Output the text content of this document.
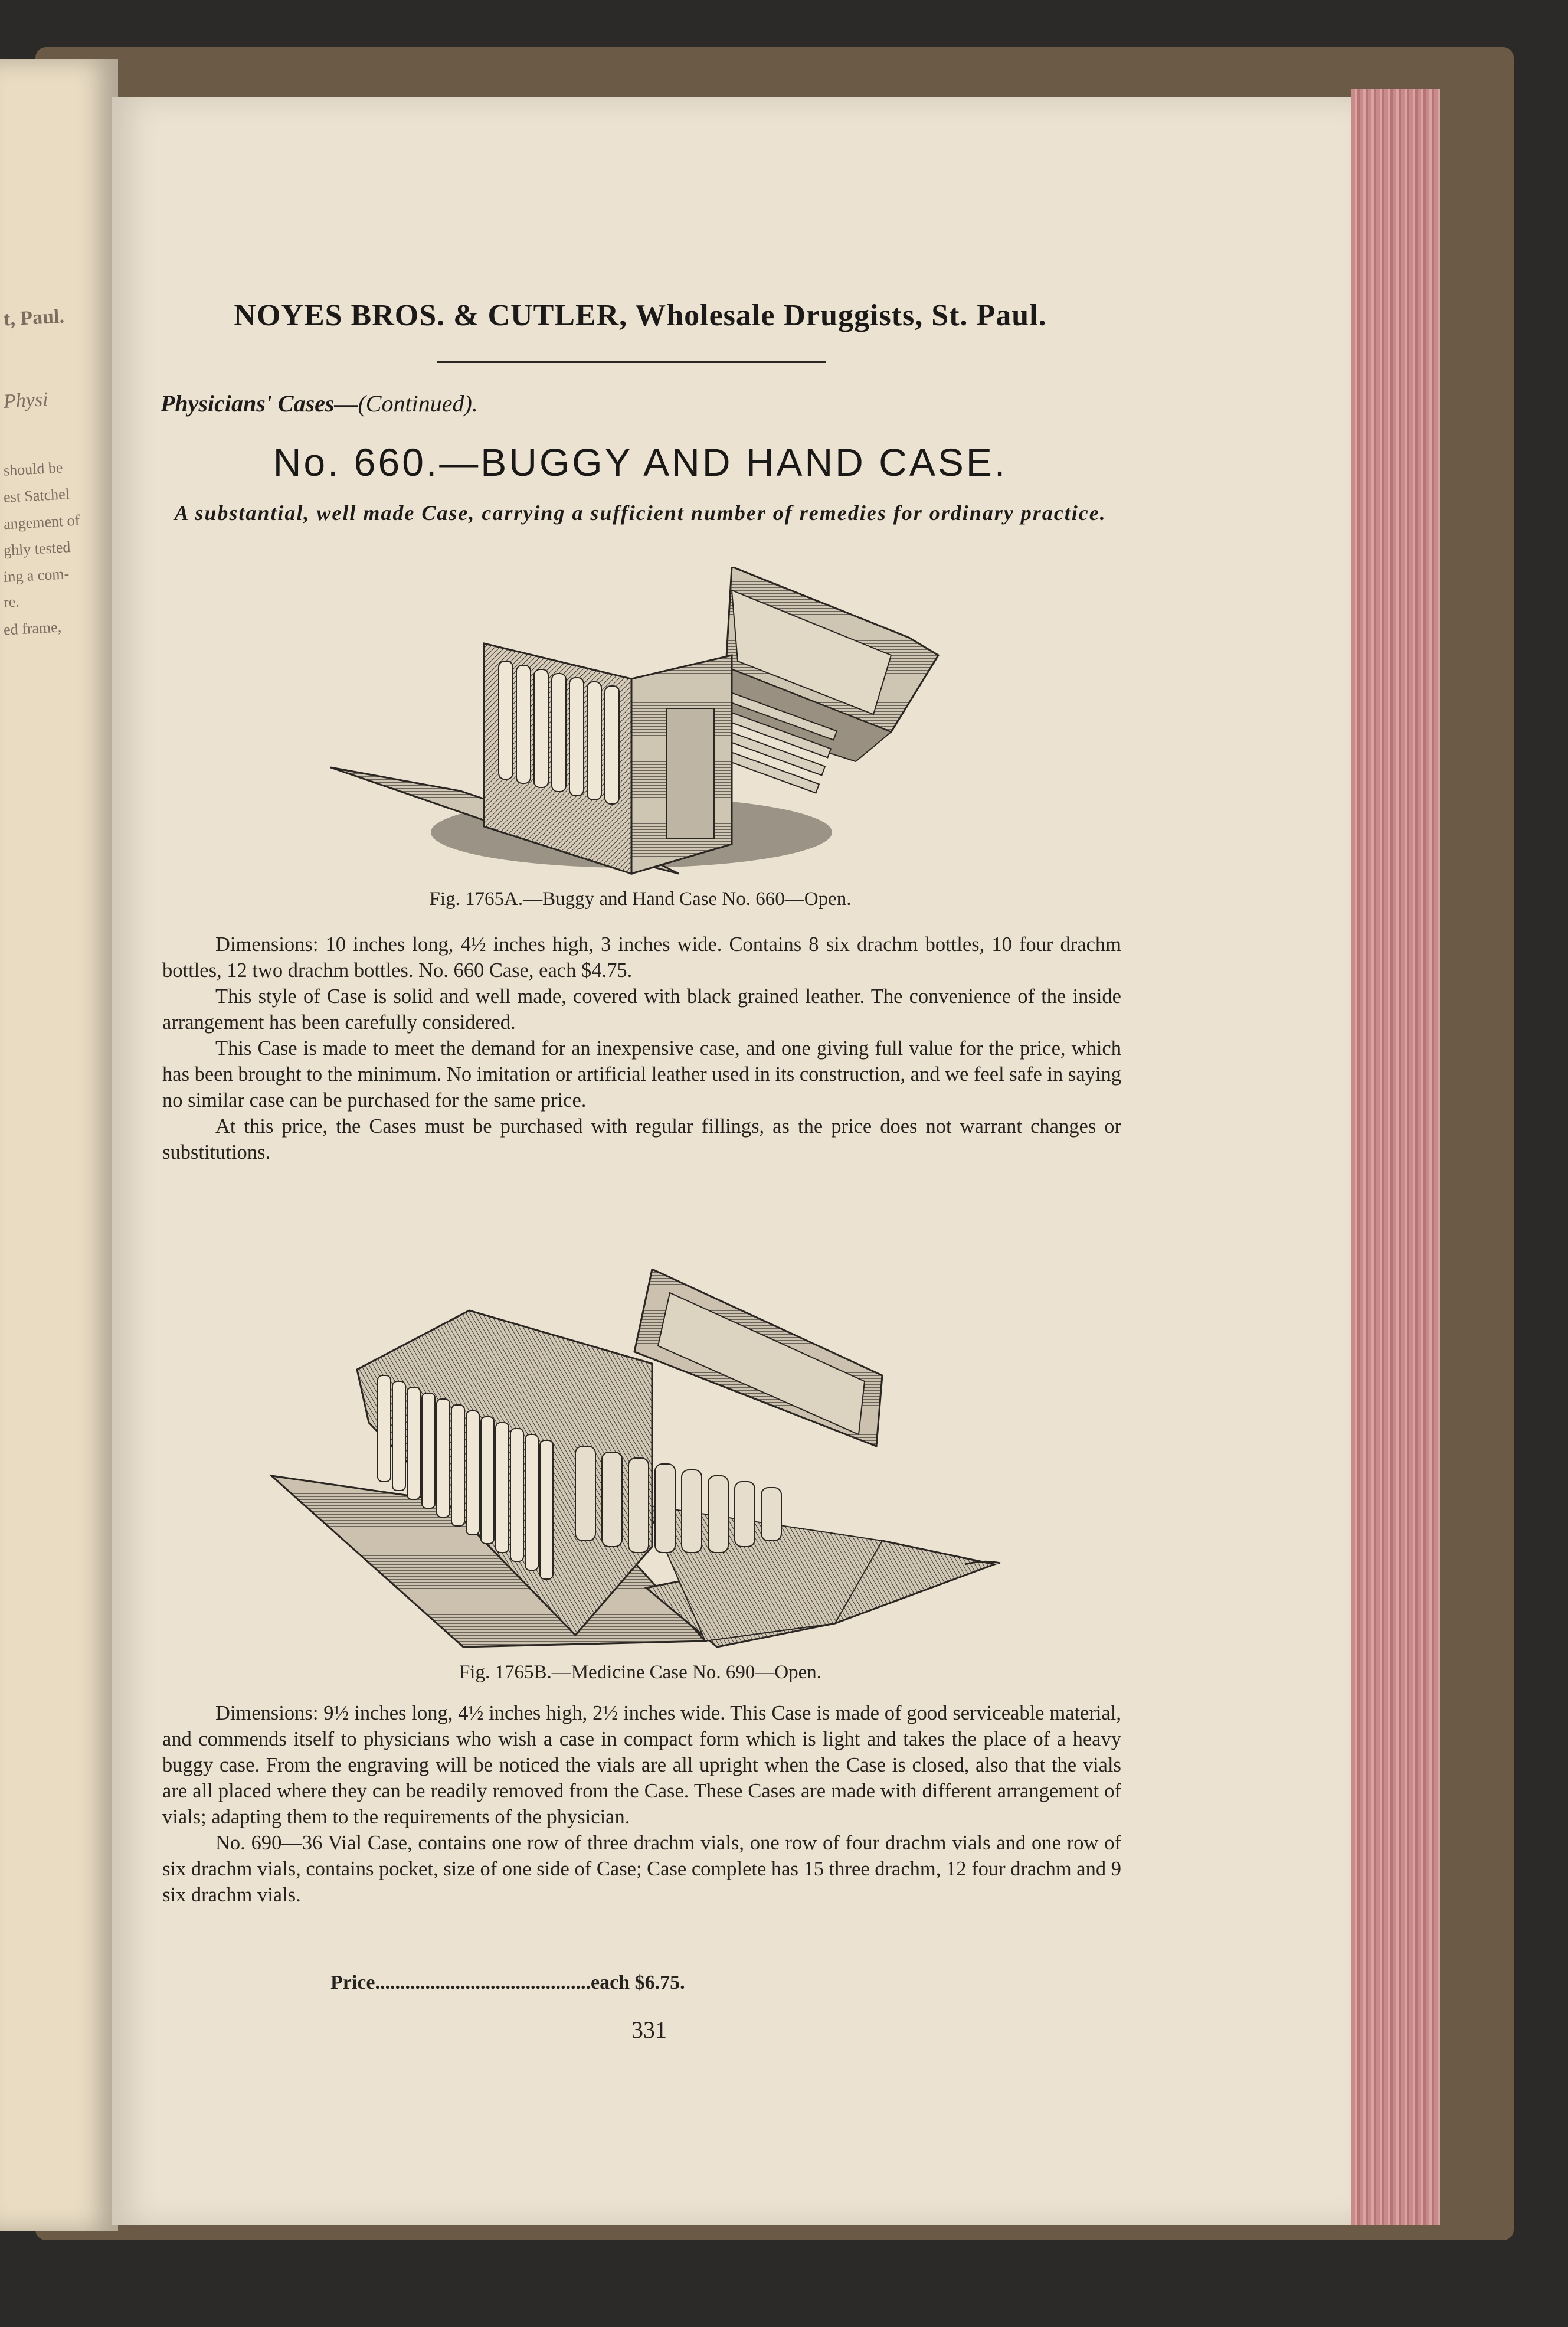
t, Paul.
Physi
should be
est Satchel
angement of
ghly tested
ing a com-
re.
ed frame,
NOYES BROS. & CUTLER, Wholesale Druggists, St. Paul.
Physicians' Cases—(Continued).
No. 660.—BUGGY AND HAND CASE.
A substantial, well made Case, carrying a sufficient number of remedies for ordinary practice.
Fig. 1765A.—Buggy and Hand Case No. 660—Open.

Dimensions: 10 inches long, 4½ inches high, 3 inches wide. Contains 8 six drachm bottles, 10 four drachm bottles, 12 two drachm bottles. No. 660 Case, each $4.75.

This style of Case is solid and well made, covered with black grained leather. The convenience of the inside arrangement has been carefully considered.

This Case is made to meet the demand for an inexpensive case, and one giving full value for the price, which has been brought to the minimum. No imitation or artificial leather used in its construction, and we feel safe in saying no similar case can be purchased for the same price.

At this price, the Cases must be purchased with regular fillings, as the price does not warrant changes or substitutions.

Fig. 1765B.—Medicine Case No. 690—Open.

Dimensions: 9½ inches long, 4½ inches high, 2½ inches wide. This Case is made of good serviceable material, and commends itself to physicians who wish a case in compact form which is light and takes the place of a heavy buggy case. From the engraving will be noticed the vials are all upright when the Case is closed, also that the vials are all placed where they can be readily removed from the Case. These Cases are made with different arrangement of vials; adapting them to the requirements of the physician.

No. 690—36 Vial Case, contains one row of three drachm vials, one row of four drachm vials and one row of six drachm vials, contains pocket, size of one side of Case; Case complete has 15 three drachm, 12 four drachm and 9 six drachm vials.

Price...........................................each $6.75.
331
